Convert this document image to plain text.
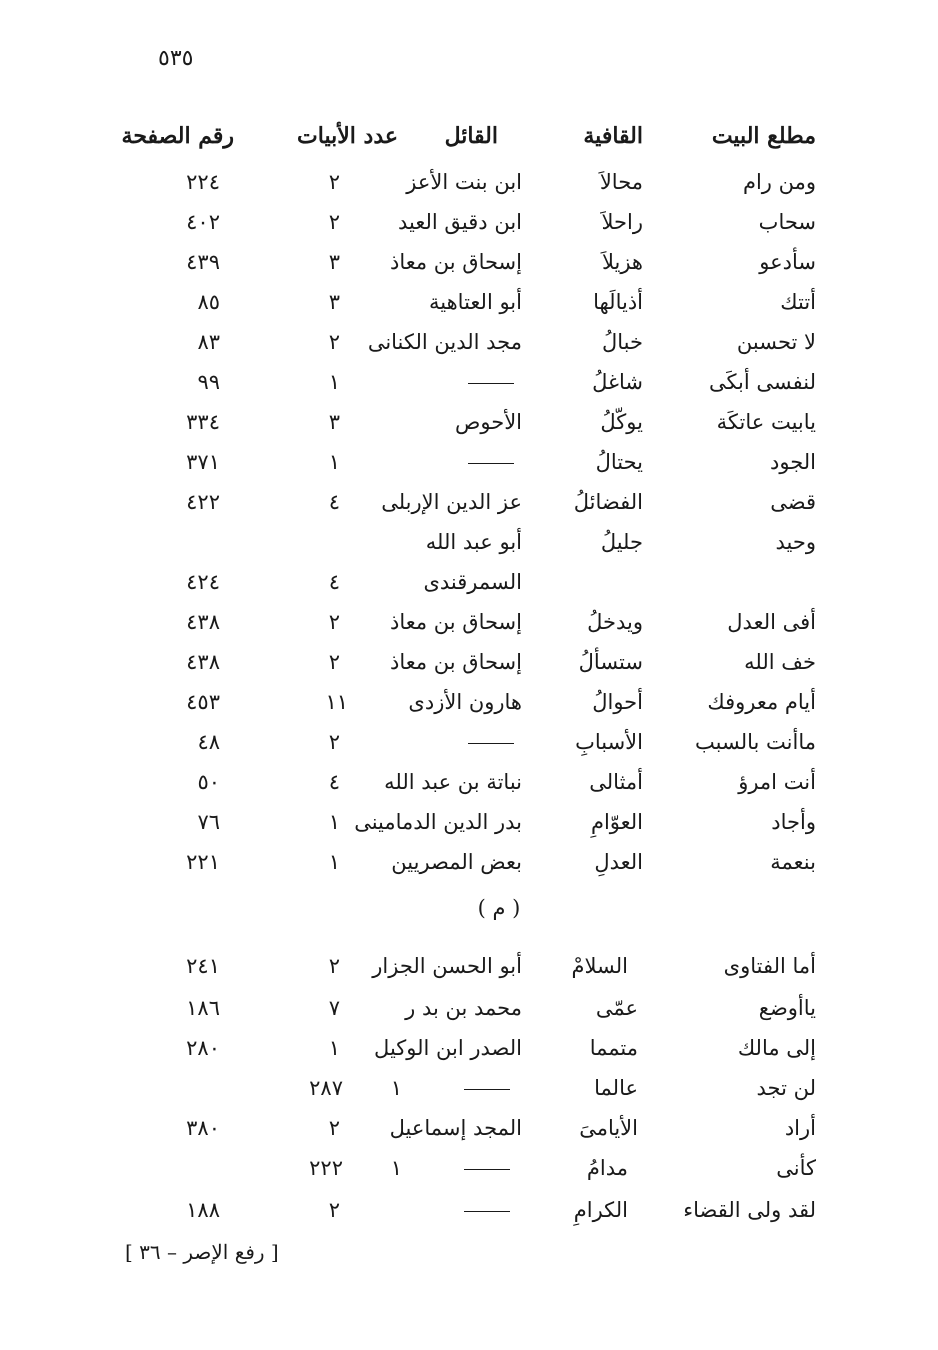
٥٣٥
مطلع البيت
القافية
القائل
عدد الأبيات
رقم الصفحة
ومن رام
محالاَ
ابن بنت الأعز
٢
٢٢٤
سحاب
راحلاَ
ابن دقيق العيد
٢
٤٠٢
سأدعو
هزيلاَ
إسحاق بن معاذ
٣
٤٣٩
أتتك
أذيالَها
أبو العتاهية
٣
٨٥
لا تحسبن
خبالُ
مجد الدين الكنانى
٢
٨٣
لنفسى أبكَى
شاغلُ
١
٩٩
يابيت عاتكَة
يوكّلُ
الأحوص
٣
٣٣٤
الجود
يحتالُ
١
٣٧١
قضى
الفضائلُ
عز الدين الإربلى
٤
٤٢٢
وحيد
جليلُ
أبو عبد الله
السمرقندى
٤
٤٢٤
أفى العدل
ويدخلُ
إسحاق بن معاذ
٢
٤٣٨
خف الله
ستسألُ
إسحاق بن معاذ
٢
٤٣٨
أيام معروفك
أحوالُ
هارون الأزدى
١١
٤٥٣
ماأنت بالسبب
الأسبابِ
٢
٤٨
أنت امرؤ
أمثالى
نباتة بن عبد الله
٤
٥٠
وأجاد
العوّامِ
بدر الدين الدمامينى
١
٧٦
بنعمة
العدلِ
بعض المصريين
١
٢٢١
( م )
أما الفتاوى
السلامْ
أبو الحسن الجزار
٢
٢٤١
ياأوضع
عمّى
محمد بن بد ر
٧
١٨٦
إلى مالك
متمما
الصدر ابن الوكيل
١
٢٨٠
لن تجد
عالما
١
٢٨٧
أراد
الأيامىَ
المجد إسماعيل
٢
٣٨٠
كأنى
مدامُ
١
٢٢٢
لقد ولى القضاء
الكرامِ
٢
١٨٨
[ رفع الإصر – ٣٦ ]
